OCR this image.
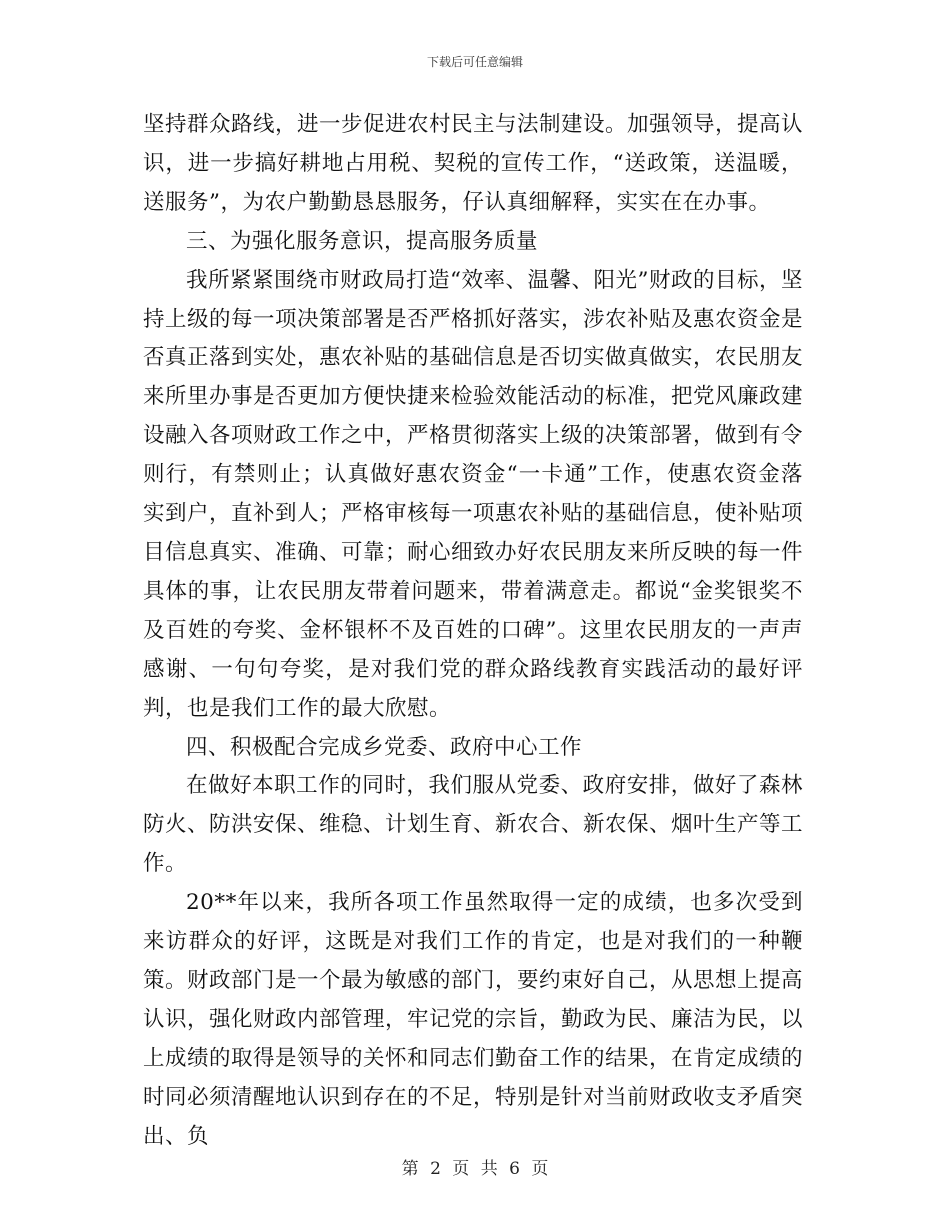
下载后可任意编辑

坚持群众路线，进一步促进农村民主与法制建设。加强领导，提高认识，进一步搞好耕地占用税、契税的宣传工作，“送政策，送温暖，送服务”，为农户勤勤恳恳服务，仔认真细解释，实实在在办事。

三、为强化服务意识，提高服务质量

我所紧紧围绕市财政局打造“效率、温馨、阳光”财政的目标，坚持上级的每一项决策部署是否严格抓好落实，涉农补贴及惠农资金是否真正落到实处，惠农补贴的基础信息是否切实做真做实，农民朋友来所里办事是否更加方便快捷来检验效能活动的标准，把党风廉政建设融入各项财政工作之中，严格贯彻落实上级的决策部署，做到有令则行，有禁则止；认真做好惠农资金“一卡通”工作，使惠农资金落实到户，直补到人；严格审核每一项惠农补贴的基础信息，使补贴项目信息真实、准确、可靠；耐心细致办好农民朋友来所反映的每一件具体的事，让农民朋友带着问题来，带着满意走。都说“金奖银奖不及百姓的夸奖、金杯银杯不及百姓的口碑”。这里农民朋友的一声声感谢、一句句夸奖，是对我们党的群众路线教育实践活动的最好评判，也是我们工作的最大欣慰。

四、积极配合完成乡党委、政府中心工作

在做好本职工作的同时，我们服从党委、政府安排，做好了森林防火、防洪安保、维稳、计划生育、新农合、新农保、烟叶生产等工作。

20**年以来，我所各项工作虽然取得一定的成绩，也多次受到来访群众的好评，这既是对我们工作的肯定，也是对我们的一种鞭策。财政部门是一个最为敏感的部门，要约束好自己，从思想上提高认识，强化财政内部管理，牢记党的宗旨，勤政为民、廉洁为民，以上成绩的取得是领导的关怀和同志们勤奋工作的结果，在肯定成绩的时同必须清醒地认识到存在的不足，特别是针对当前财政收支矛盾突出、负

第 2 页 共 6 页
